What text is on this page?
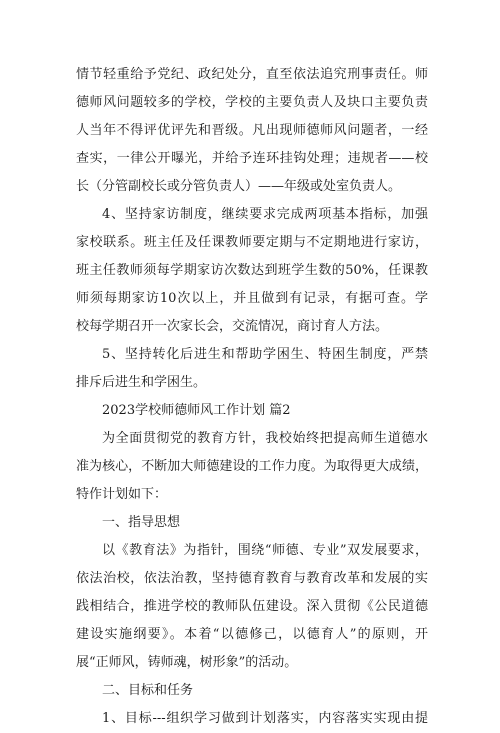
情节轻重给予党纪、政纪处分，直至依法追究刑事责任。师
德师风问题较多的学校，学校的主要负责人及块口主要负责
人当年不得评优评先和晋级。凡出现师德师风问题者，一经
查实，一律公开曝光，并给予连环挂钩处理；违规者——校
长（分管副校长或分管负责人）——年级或处室负责人。
4、坚持家访制度，继续要求完成两项基本指标，加强
家校联系。班主任及任课教师要定期与不定期地进行家访，
班主任教师须每学期家访次数达到班学生数的50%，任课教
师须每期家访10次以上，并且做到有记录，有据可查。学
校每学期召开一次家长会，交流情况，商讨育人方法。
5、坚持转化后进生和帮助学困生、特困生制度，严禁
排斥后进生和学困生。
2023学校师德师风工作计划 篇2
为全面贯彻党的教育方针，我校始终把提高师生道德水
准为核心，不断加大师德建设的工作力度。为取得更大成绩，
特作计划如下：
一、指导思想
以《教育法》为指针，围绕“师德、专业”双发展要求，
依法治校，依法治教，坚持德育教育与教育改革和发展的实
践相结合，推进学校的教师队伍建设。深入贯彻《公民道德
建设实施纲要》。本着“以德修己，以德育人”的原则，开
展“正师风，铸师魂，树形象”的活动。
二、目标和任务
1、目标---组织学习做到计划落实，内容落实实现由提
